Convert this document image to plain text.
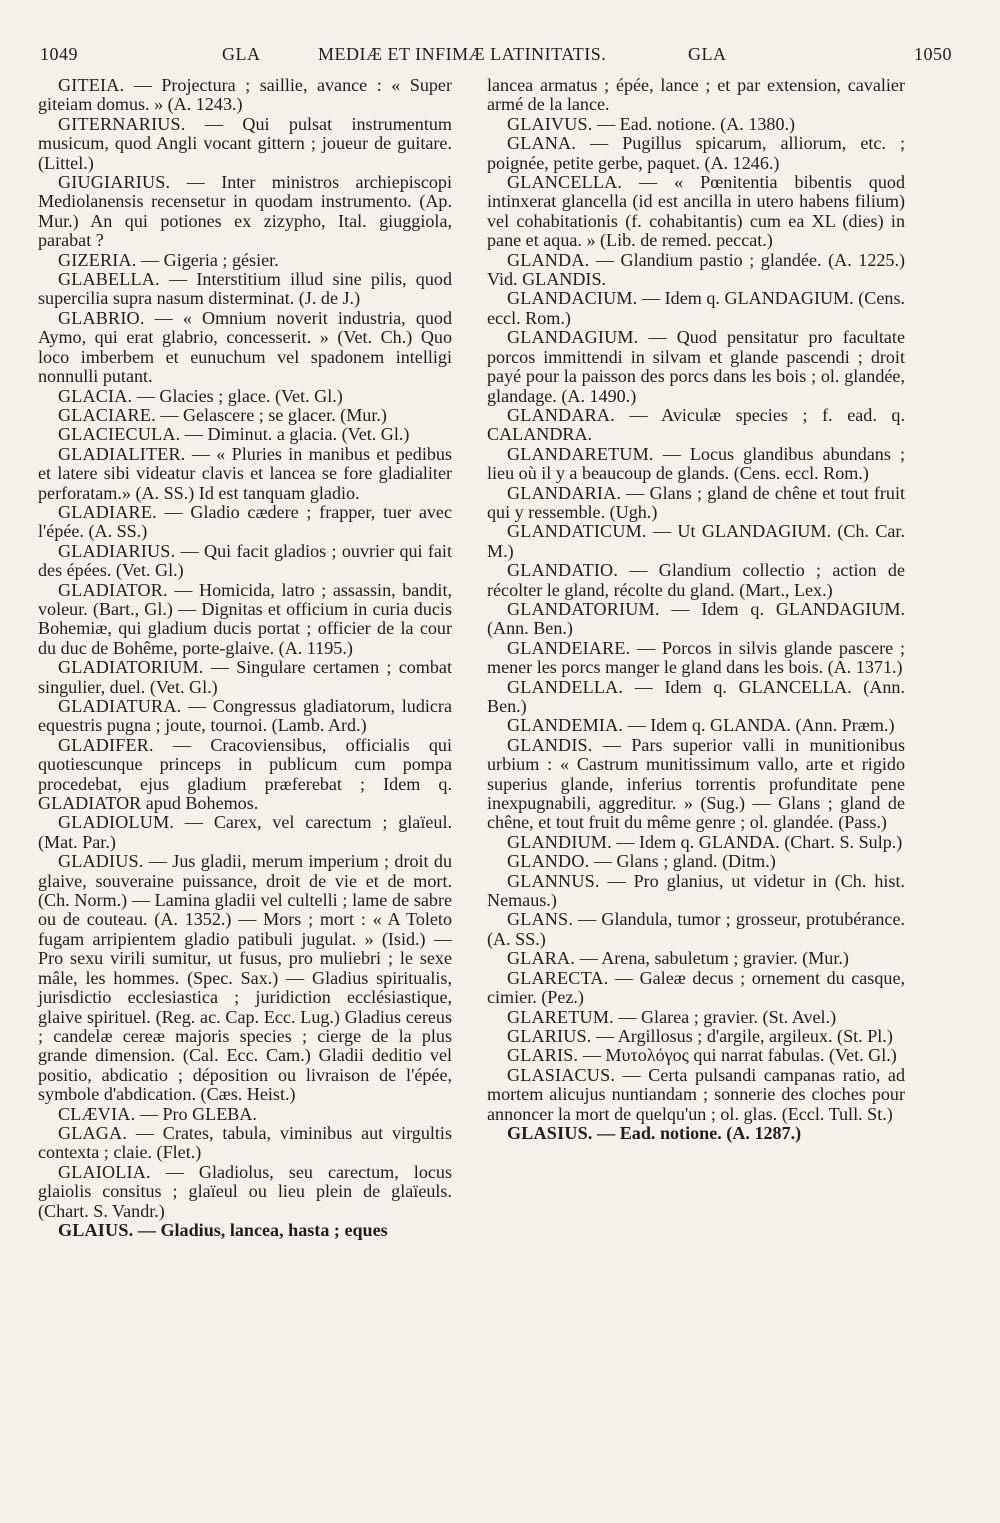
1049	GLA	MEDIÆ ET INFIMÆ LATINITATIS.	GLA	1050

GITEIA. — Projectura ; saillie, avance : « Super giteiam domus. » (A. 1243.)

GITERNARIUS. — Qui pulsat instrumentum musicum, quod Angli vocant gittern ; joueur de guitare. (Littel.)

GIUGIARIUS. — Inter ministros archiepiscopi Mediolanensis recensetur in quodam instrumento. (Ap. Mur.) An qui potiones ex zizypho, Ital. giuggiola, parabat ?

GIZERIA. — Gigeria ; gésier.

GLABELLA. — Interstitium illud sine pilis, quod supercilia supra nasum disterminat. (J. de J.)

GLABRIO. — « Omnium noverit industria, quod Aymo, qui erat glabrio, concesserit. » (Vet. Ch.) Quo loco imberbem et eunuchum vel spadonem intelligi nonnulli putant.

GLACIA. — Glacies ; glace. (Vet. Gl.)

GLACIARE. — Gelascere ; se glacer. (Mur.)

GLACIECULA. — Diminut. a glacia. (Vet. Gl.)

GLADIALITER. — « Pluries in manibus et pedibus et latere sibi videatur clavis et lancea se fore gladialiter perforatam.» (A. SS.) Id est tanquam gladio.

GLADIARE. — Gladio cædere ; frapper, tuer avec l'épée. (A. SS.)

GLADIARIUS. — Qui facit gladios ; ouvrier qui fait des épées. (Vet. Gl.)

GLADIATOR. — Homicida, latro ; assassin, bandit, voleur. (Bart., Gl.) — Dignitas et officium in curia ducis Bohemiæ, qui gladium ducis portat ; officier de la cour du duc de Bohême, porte-glaive. (A. 1195.)

GLADIATORIUM. — Singulare certamen ; combat singulier, duel. (Vet. Gl.)

GLADIATURA. — Congressus gladiatorum, ludicra equestris pugna ; joute, tournoi. (Lamb. Ard.)

GLADIFER. — Cracoviensibus, officialis qui quotiescunque princeps in publicum cum pompa procedebat, ejus gladium præferebat ; Idem q. GLADIATOR apud Bohemos.

GLADIOLUM. — Carex, vel carectum ; glaïeul. (Mat. Par.)

GLADIUS. — Jus gladii, merum imperium ; droit du glaive, souveraine puissance, droit de vie et de mort. (Ch. Norm.) — Lamina gladii vel cultelli ; lame de sabre ou de couteau. (A. 1352.) — Mors ; mort : « A Toleto fugam arripientem gladio patibuli jugulat. » (Isid.) — Pro sexu virili sumitur, ut fusus, pro muliebri ; le sexe mâle, les hommes. (Spec. Sax.) — Gladius spiritualis, jurisdictio ecclesiastica ; juridiction ecclésiastique, glaive spirituel. (Reg. ac. Cap. Ecc. Lug.) Gladius cereus ; candelæ cereæ majoris species ; cierge de la plus grande dimension. (Cal. Ecc. Cam.) Gladii deditio vel positio, abdicatio ; déposition ou livraison de l'épée, symbole d'abdication. (Cæs. Heist.)

CLÆVIA. — Pro GLEBA.

GLAGA. — Crates, tabula, viminibus aut virgultis contexta ; claie. (Flet.)

GLAIOLIA. — Gladiolus, seu carectum, locus glaiolis consitus ; glaïeul ou lieu plein de glaïeuls. (Chart. S. Vandr.)

GLAIUS. — Gladius, lancea, hasta ; eques

lancea armatus ; épée, lance ; et par extension, cavalier armé de la lance.

GLAIVUS. — Ead. notione. (A. 1380.)

GLANA. — Pugillus spicarum, alliorum, etc. ; poignée, petite gerbe, paquet. (A. 1246.)

GLANCELLA. — « Pœnitentia bibentis quod intinxerat glancella (id est ancilla in utero habens filium) vel cohabitationis (f. cohabitantis) cum ea XL (dies) in pane et aqua. » (Lib. de remed. peccat.)

GLANDA. — Glandium pastio ; glandée. (A. 1225.) Vid. GLANDIS.

GLANDACIUM. — Idem q. GLANDAGIUM. (Cens. eccl. Rom.)

GLANDAGIUM. — Quod pensitatur pro facultate porcos immittendi in silvam et glande pascendi ; droit payé pour la paisson des porcs dans les bois ; ol. glandée, glandage. (A. 1490.)

GLANDARA. — Aviculæ species ; f. ead. q. CALANDRA.

GLANDARETUM. — Locus glandibus abundans ; lieu où il y a beaucoup de glands. (Cens. eccl. Rom.)

GLANDARIA. — Glans ; gland de chêne et tout fruit qui y ressemble. (Ugh.)

GLANDATICUM. — Ut GLANDAGIUM. (Ch. Car. M.)

GLANDATIO. — Glandium collectio ; action de récolter le gland, récolte du gland. (Mart., Lex.)

GLANDATORIUM. — Idem q. GLANDAGIUM. (Ann. Ben.)

GLANDEIARE. — Porcos in silvis glande pascere ; mener les porcs manger le gland dans les bois. (A. 1371.)

GLANDELLA. — Idem q. GLANCELLA. (Ann. Ben.)

GLANDEMIA. — Idem q. GLANDA. (Ann. Præm.)

GLANDIS. — Pars superior valli in munitionibus urbium : « Castrum munitissimum vallo, arte et rigido superius glande, inferius torrentis profunditate pene inexpugnabili, aggreditur. » (Sug.) — Glans ; gland de chêne, et tout fruit du même genre ; ol. glandée. (Pass.)

GLANDIUM. — Idem q. GLANDA. (Chart. S. Sulp.)

GLANDO. — Glans ; gland. (Ditm.)

GLANNUS. — Pro glanius, ut videtur in (Ch. hist. Nemaus.)

GLANS. — Glandula, tumor ; grosseur, protubérance. (A. SS.)

GLARA. — Arena, sabuletum ; gravier. (Mur.)

GLARECTA. — Galeæ decus ; ornement du casque, cimier. (Pez.)

GLARETUM. — Glarea ; gravier. (St. Avel.)

GLARIUS. — Argillosus ; d'argile, argileux. (St. Pl.)

GLARIS. — Μυτολόγος qui narrat fabulas. (Vet. Gl.)

GLASIACUS. — Certa pulsandi campanas ratio, ad mortem alicujus nuntiandam ; sonnerie des cloches pour annoncer la mort de quelqu'un ; ol. glas. (Eccl. Tull. St.)

GLASIUS. — Ead. notione. (A. 1287.)
